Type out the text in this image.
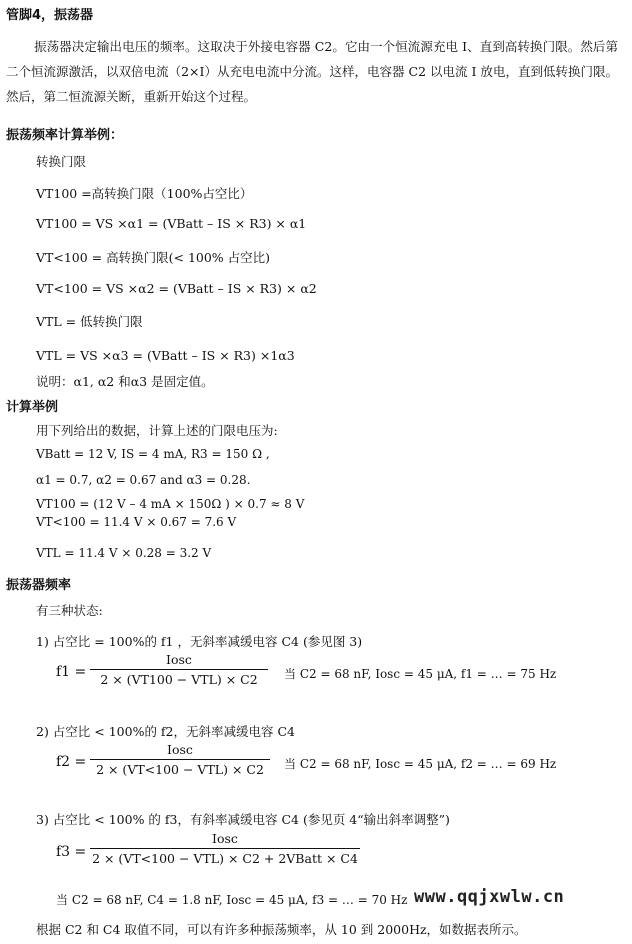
管脚4，振荡器
振荡器决定输出电压的频率。这取决于外接电容器 C2。它由一个恒流源充电 I、直到高转换门限。然后第二个恒流源激活，以双倍电流（2×I）从充电电流中分流。这样，电容器 C2 以电流 I 放电，直到低转换门限。然后，第二恒流源关断，重新开始这个过程。
振荡频率计算举例：
转换门限
VT100 =高转换门限（100%占空比）
VT100 = VS ×α1 = (VBatt – IS × R3) × α1
VT<100 = 高转换门限(< 100% 占空比)
VT<100 = VS ×α2 = (VBatt – IS × R3) × α2
VTL = 低转换门限
VTL = VS ×α3 = (VBatt – IS × R3) ×1α3
说明：α1, α2 和α3 是固定值。
计算举例
用下列给出的数据，计算上述的门限电压为:
VBatt = 12 V, IS = 4 mA, R3 = 150 Ω ,
α1 = 0.7, α2 = 0.67 and α3 = 0.28.
VT100 = (12 V – 4 mA × 150Ω ) × 0.7 ≈ 8 V
VT<100 = 11.4 V × 0.67 = 7.6 V
VTL = 11.4 V × 0.28 = 3.2 V
振荡器频率
有三种状态:
1) 占空比 = 100%的 f1 ，无斜率减缓电容 C4 (参见图 3)
f1 =
Iosc
2 × (VT100 − VTL) × C2	当 C2 = 68 nF, Iosc = 45 μA, f1 = … = 75 Hz
2) 占空比 < 100%的 f2，无斜率减缓电容 C4
f2 =
Iosc
2 × (VT<100 − VTL) × C2	当 C2 = 68 nF, Iosc = 45 μA, f2 = … = 69 Hz
3) 占空比 < 100% 的 f3，有斜率减缓电容 C4 (参见页 4“输出斜率调整”)
f3 =
Iosc
2 × (VT<100 − VTL) × C2 + 2VBatt × C4
当 C2 = 68 nF, C4 = 1.8 nF, Iosc = 45 μA, f3 = … = 70 Hz
根据 C2 和 C4 取值不同，可以有许多种振荡频率，从 10 到 2000Hz，如数据表所示。
www.qqjxwlw.cn
